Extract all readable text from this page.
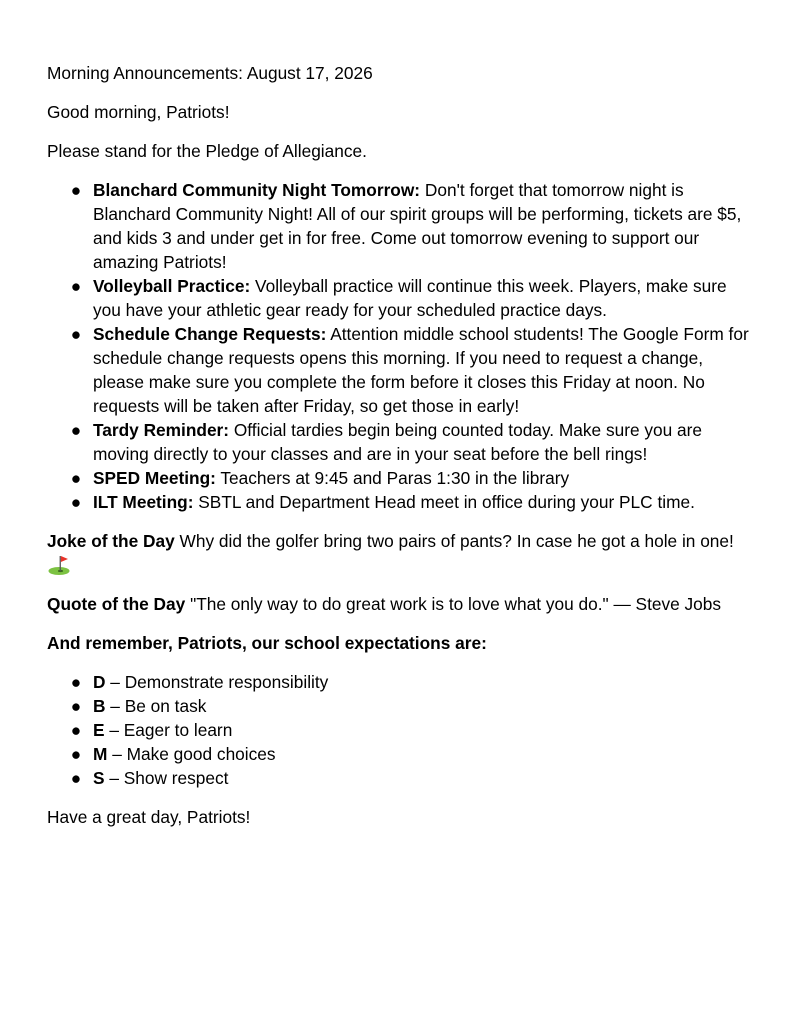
Morning Announcements: August 17, 2026

Good morning, Patriots!

Please stand for the Pledge of Allegiance.

● Blanchard Community Night Tomorrow: Don't forget that tomorrow night is Blanchard Community Night! All of our spirit groups will be performing, tickets are $5, and kids 3 and under get in for free. Come out tomorrow evening to support our amazing Patriots!
● Volleyball Practice: Volleyball practice will continue this week. Players, make sure you have your athletic gear ready for your scheduled practice days.
● Schedule Change Requests: Attention middle school students! The Google Form for schedule change requests opens this morning. If you need to request a change, please make sure you complete the form before it closes this Friday at noon. No requests will be taken after Friday, so get those in early!
● Tardy Reminder: Official tardies begin being counted today. Make sure you are moving directly to your classes and are in your seat before the bell rings!
● SPED Meeting: Teachers at 9:45 and Paras 1:30 in the library
● ILT Meeting: SBTL and Department Head meet in office during your PLC time.

Joke of the Day Why did the golfer bring two pairs of pants? In case he got a hole in one!

Quote of the Day "The only way to do great work is to love what you do." — Steve Jobs

And remember, Patriots, our school expectations are:

● D – Demonstrate responsibility
● B – Be on task
● E – Eager to learn
● M – Make good choices
● S – Show respect

Have a great day, Patriots!
